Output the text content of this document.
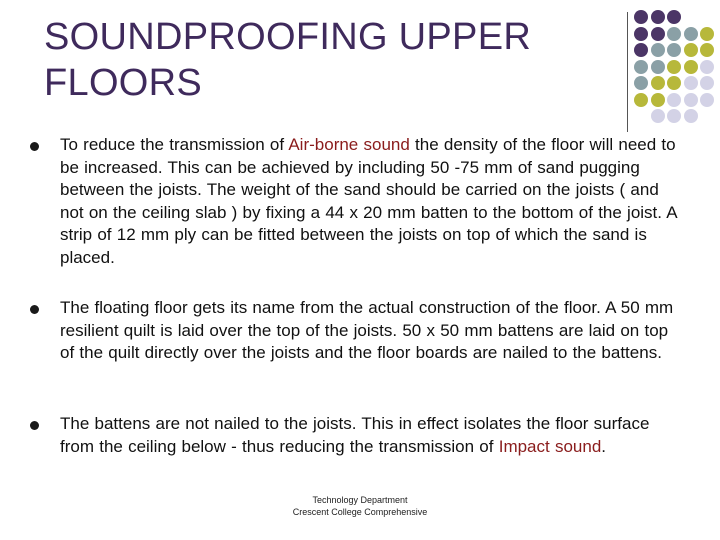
SOUNDPROOFING UPPER
FLOORS
To reduce the transmission of Air-borne sound the density of the floor will need to be increased. This can be achieved by including 50 -75 mm of sand pugging between the joists. The weight of the sand should be carried on the joists ( and not on the ceiling slab ) by fixing a 44 x 20 mm batten to the bottom of the joist. A strip of 12 mm ply can be fitted between the joists on top of which the sand is placed.
The floating floor gets its name from the actual construction of the floor. A 50 mm resilient quilt is laid over the top of the joists. 50 x 50 mm battens are laid on top of the quilt directly over the joists and the floor boards are nailed to the battens.
The battens are not nailed to the joists. This in effect isolates the floor surface from the ceiling below - thus reducing the transmission of Impact sound.
Technology Department
Crescent College Comprehensive
